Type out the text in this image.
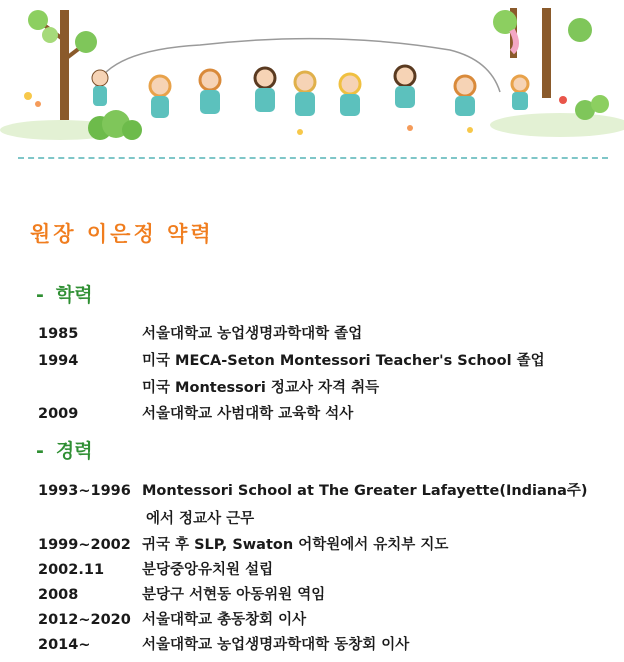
원장 이은정 약력
- 학력
1985	서울대학교 농업생명과학대학 졸업
1994	미국 MECA-Seton Montessori Teacher's School 졸업
미국 Montessori 정교사 자격 취득
2009	서울대학교 사범대학 교육학 석사
- 경력
1993~1996 Montessori School at The Greater Lafayette(Indiana주)
에서 정교사 근무
1999~2002 귀국 후 SLP, Swaton 어학원에서 유치부 지도
2002.11	분당중앙유치원 설립
2008	분당구 서현동 아동위원 역임
2012~2020 서울대학교 총동창회 이사
2014~	서울대학교 농업생명과학대학 동창회 이사
